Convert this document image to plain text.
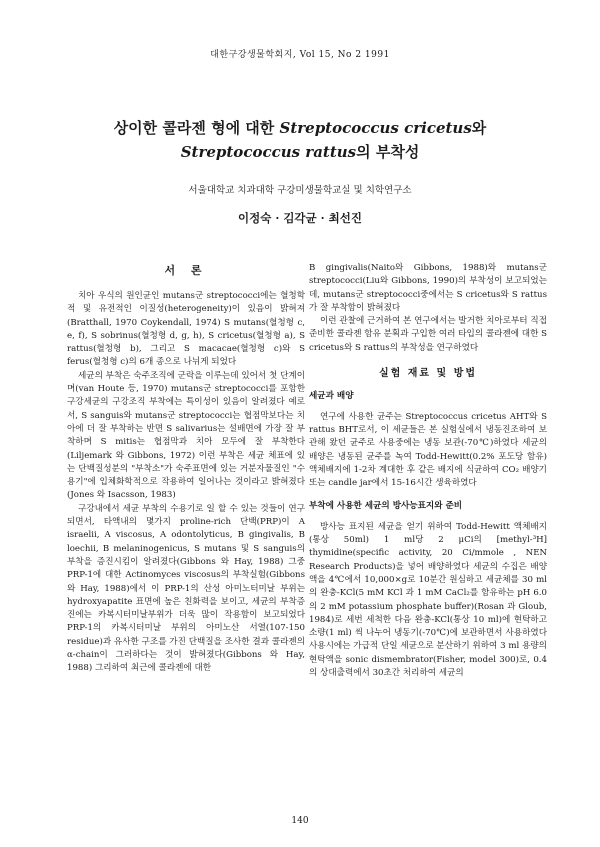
대한구강생물학회지, Vol 15, No 2 1991
상이한 콜라젠 형에 대한 Streptococcus cricetus와
Streptococcus rattus의 부착성
서울대학교 치과대학 구강미생물학교실 및 치학연구소
이정숙 · 김각균 · 최선진
서 론

치아 우식의 원인균인 mutans군 streptococci에는 혈청학적 및 유전적인 이질성(heterogeneity)이 있음이 밝혀져(Bratthall, 1970 Coykendall, 1974) S mutans(혈청형 c, e, f), S sobrinus(혈청형 d, g, h), S cricetus(혈청형 a), S rattus(혈청형 b), 그리고 S macacae(혈청형 c)와 S ferus(혈청형 c)의 6개 종으로 나뉘게 되었다

세균의 부착은 숙주조직에 군락을 이루는데 있어서 첫 단계이며(van Houte 등, 1970) mutans군 streptococci를 포함한 구강세균의 구강조직 부착에는 특이성이 있음이 알려졌다 예로서, S sanguis와 mutans군 streptococci는 협점막보다는 치아에 더 잘 부착하는 반면 S salivarius는 설배면에 가장 잘 부착하며 S mitis는 협점막과 치아 모두에 잘 부착한다(Liljemark 와 Gibbons, 1972) 이런 부착은 세균 체표에 있는 단백질성분의 "부착소"가 숙주표면에 있는 거분자물질인 "수용기"에 입체화학적으로 작용하여 일어나는 것이라고 밝혀졌다(Jones 와 Isacsson, 1983)

구강내에서 세균 부착의 수용기로 일 할 수 있는 것들이 연구되면서, 타액내의 몇가지 proline-rich 단백(PRP)이 A israelii, A viscosus, A odontolyticus, B gingivalis, B loechii, B melaninogenicus, S mutans 및 S sanguis의 부착을 증진시킴이 알려졌다(Gibbons 와 Hay, 1988) 그중 PRP-1에 대한 Actinomyces viscosus의 부착실험(Gibbons 와 Hay, 1988)에서 이 PRP-1의 산성 아미노터미날 부위는 hydroxyapatite 표면에 높은 친화력을 보이고, 세균의 부착증진에는 카복시터미날부위가 더욱 많이 작용함이 보고되었다 PRP-1의 카복시터미날 부위의 아미노산 서열(107-150 residue)과 유사한 구조를 가진 단백질을 조사한 결과 콜라젠의 α-chain이 그러하다는 것이 밝혀졌다(Gibbons 와 Hay, 1988) 그리하여 최근에 콜라젠에 대한

B gingivalis(Naito와 Gibbons, 1988)와 mutans군 streptococci(Liu와 Gibbons, 1990)의 부착성이 보고되었는데, mutans군 streptococci중에서는 S cricetus와 S rattus가 잘 부착함이 밝혀졌다

이런 관찰에 근거하여 본 연구에서는 발거한 치아로부터 직접 준비한 콜라젠 함유 분획과 구입한 여러 타입의 콜라젠에 대한 S cricetus와 S rattus의 부착성을 연구하였다

실험 재료 및 방법
세균과 배양

연구에 사용한 균주는 Streptococcus cricetus AHT와 S rattus BHT로서, 이 세균들은 본 실험실에서 냉동진조하여 보관해 왔던 균주로 사용중에는 냉동 보관(-70℃)하였다 세균의 배양은 냉동된 균주를 녹여 Todd-Hewitt(0.2% 포도당 함유) 액체배지에 1-2차 계대한 후 같은 배지에 식균하여 CO₂ 배양기 또는 candle jar에서 15-16시간 생육하였다

부착에 사용한 세균의 방사능표지와 준비

방사능 표지된 세균을 얻기 위하여 Todd-Hewitt 액체배지(통상 50ml) 1 ml당 2 μCi의 [methyl-³H] thymidine(specific activity, 20 Ci/mmole , NEN Research Products)을 넣어 배양하였다 세균의 수집은 배양액을 4℃에서 10,000×g로 10분간 원심하고 세균체를 30 ml의 완충-KCl(5 mM KCl 과 1 mM CaCl₂를 함유하는 pH 6.0의 2 mM potassium phosphate buffer)(Rosan 과 Gloub, 1984)로 세번 세척한 다음 완충-KCl(통상 10 ml)에 현탁하고 소량(1 ml) 씩 나누어 냉동기(-70℃)에 보관하면서 사용하였다 사용시에는 가급적 단일 세균으로 분산하기 위하여 3 ml 용량의 현탁액을 sonic dismembrator(Fisher, model 300)로, 0.4의 상대출력에서 30초간 처리하여 세균의

140
